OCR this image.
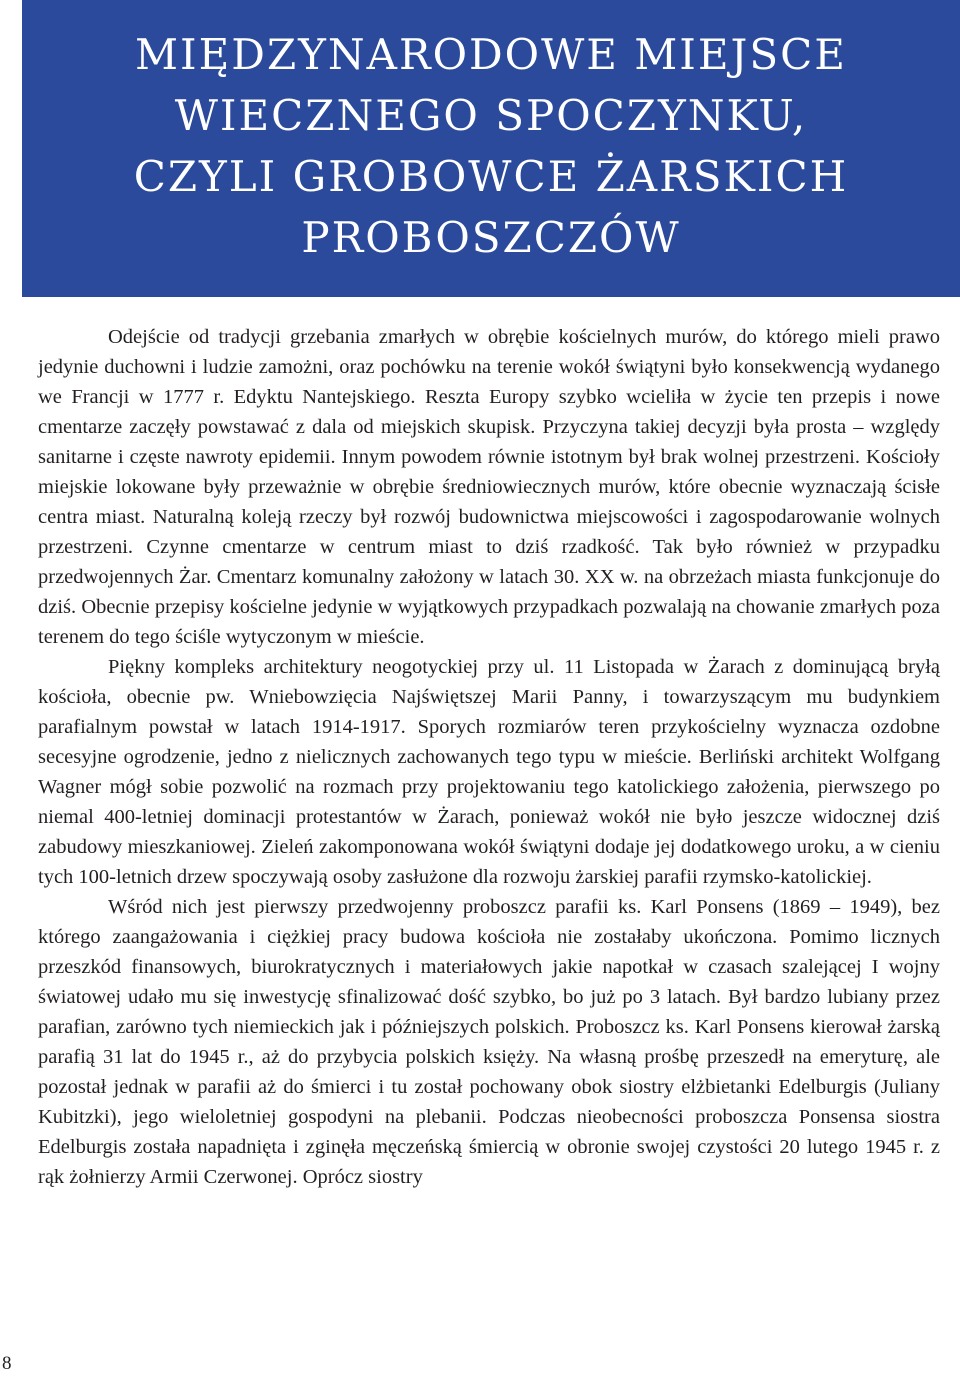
MIĘDZYNARODOWE MIEJSCE
WIECZNEGO SPOCZYNKU,
CZYLI GROBOWCE ŻARSKICH
PROBOSZCZÓW

Odejście od tradycji grzebania zmarłych w obrębie kościelnych murów, do którego mieli prawo jedynie duchowni i ludzie zamożni, oraz pochówku na terenie wokół świątyni było konsekwencją wydanego we Francji w 1777 r. Edyktu Nantejskiego. Reszta Europy szybko wcieliła w życie ten przepis i nowe cmentarze zaczęły powstawać z dala od miejskich skupisk. Przyczyna takiej decyzji była prosta – względy sanitarne i częste nawroty epidemii. Innym powodem równie istotnym był brak wolnej przestrzeni. Kościoły miejskie lokowane były przeważnie w obrębie średniowiecznych murów, które obecnie wyznaczają ścisłe centra miast. Naturalną koleją rzeczy był rozwój budownictwa miejscowości i zagospodarowanie wolnych przestrzeni. Czynne cmentarze w centrum miast to dziś rzadkość. Tak było również w przypadku przedwojennych Żar. Cmentarz komunalny założony w latach 30. XX w. na obrzeżach miasta funkcjonuje do dziś. Obecnie przepisy kościelne jedynie w wyjątkowych przypadkach pozwalają na chowanie zmarłych poza terenem do tego ściśle wytyczonym w mieście.

Piękny kompleks architektury neogotyckiej przy ul. 11 Listopada w Żarach z dominującą bryłą kościoła, obecnie pw. Wniebowzięcia Najświętszej Marii Panny, i towarzyszącym mu budynkiem parafialnym powstał w latach 1914-1917. Sporych rozmiarów teren przykościelny wyznacza ozdobne secesyjne ogrodzenie, jedno z nielicznych zachowanych tego typu w mieście. Berliński architekt Wolfgang Wagner mógł sobie pozwolić na rozmach przy projektowaniu tego katolickiego założenia, pierwszego po niemal 400-letniej dominacji protestantów w Żarach, ponieważ wokół nie było jeszcze widocznej dziś zabudowy mieszkaniowej. Zieleń zakomponowana wokół świątyni dodaje jej dodatkowego uroku, a w cieniu tych 100-letnich drzew spoczywają osoby zasłużone dla rozwoju żarskiej parafii rzymsko-katolickiej.

Wśród nich jest pierwszy przedwojenny proboszcz parafii ks. Karl Ponsens (1869 – 1949), bez którego zaangażowania i ciężkiej pracy budowa kościoła nie zostałaby ukończona. Pomimo licznych przeszkód finansowych, biurokratycznych i materiałowych jakie napotkał w czasach szalejącej I wojny światowej udało mu się inwestycję sfinalizować dość szybko, bo już po 3 latach. Był bardzo lubiany przez parafian, zarówno tych niemieckich jak i późniejszych polskich. Proboszcz ks. Karl Ponsens kierował żarską parafią 31 lat do 1945 r., aż do przybycia polskich księży. Na własną prośbę przeszedł na emeryturę, ale pozostał jednak w parafii aż do śmierci i tu został pochowany obok siostry elżbietanki Edelburgis (Juliany Kubitzki), jego wieloletniej gospodyni na plebanii. Podczas nieobecności proboszcza Ponsensa siostra Edelburgis została napadnięta i zginęła męczeńską śmiercią w obronie swojej czystości 20 lutego 1945 r. z rąk żołnierzy Armii Czerwonej. Oprócz siostry

8
